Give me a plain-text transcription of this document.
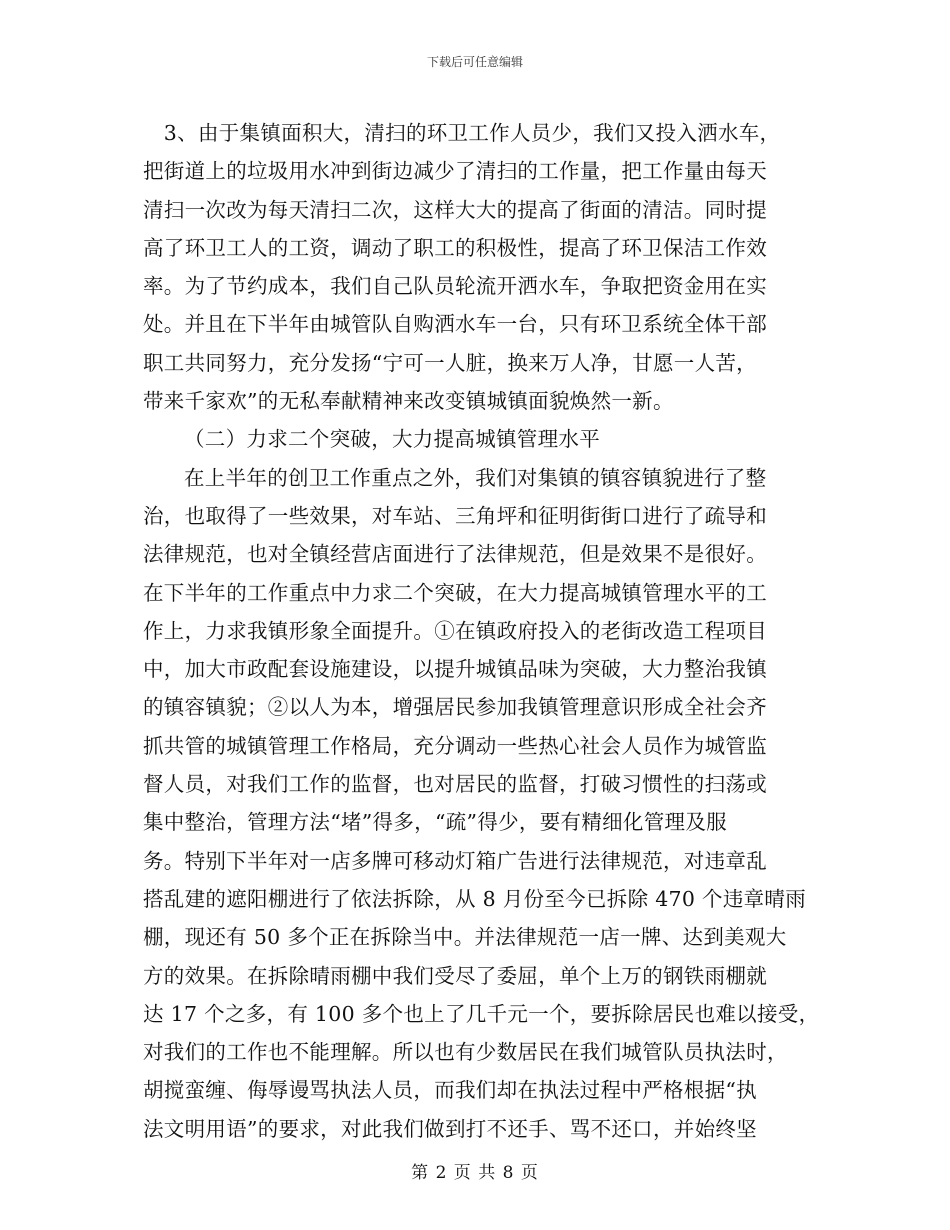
下载后可任意编辑
　3、由于集镇面积大，清扫的环卫工作人员少，我们又投入洒水车，
把街道上的垃圾用水冲到街边减少了清扫的工作量，把工作量由每天
清扫一次改为每天清扫二次，这样大大的提高了街面的清洁。同时提
高了环卫工人的工资，调动了职工的积极性，提高了环卫保洁工作效
率。为了节约成本，我们自己队员轮流开洒水车，争取把资金用在实
处。并且在下半年由城管队自购洒水车一台，只有环卫系统全体干部
职工共同努力，充分发扬“宁可一人脏，换来万人净，甘愿一人苦，
带来千家欢”的无私奉献精神来改变镇城镇面貌焕然一新。
（二）力求二个突破，大力提高城镇管理水平
在上半年的创卫工作重点之外，我们对集镇的镇容镇貌进行了整
治，也取得了一些效果，对车站、三角坪和征明街街口进行了疏导和
法律规范，也对全镇经营店面进行了法律规范，但是效果不是很好。
在下半年的工作重点中力求二个突破，在大力提高城镇管理水平的工
作上，力求我镇形象全面提升。①在镇政府投入的老街改造工程项目
中，加大市政配套设施建设，以提升城镇品味为突破，大力整治我镇
的镇容镇貌；②以人为本，增强居民参加我镇管理意识形成全社会齐
抓共管的城镇管理工作格局，充分调动一些热心社会人员作为城管监
督人员，对我们工作的监督，也对居民的监督，打破习惯性的扫荡或
集中整治，管理方法“堵”得多，“疏”得少，要有精细化管理及服
务。特别下半年对一店多牌可移动灯箱广告进行法律规范，对违章乱
搭乱建的遮阳棚进行了依法拆除，从 8 月份至今已拆除 470 个违章晴雨
棚，现还有 50 多个正在拆除当中。并法律规范一店一牌、达到美观大
方的效果。在拆除晴雨棚中我们受尽了委屈，单个上万的钢铁雨棚就
达 17 个之多，有 100 多个也上了几千元一个，要拆除居民也难以接受，
对我们的工作也不能理解。所以也有少数居民在我们城管队员执法时，
胡搅蛮缠、侮辱谩骂执法人员，而我们却在执法过程中严格根据“执
法文明用语”的要求，对此我们做到打不还手、骂不还口，并始终坚
第 2 页 共 8 页
